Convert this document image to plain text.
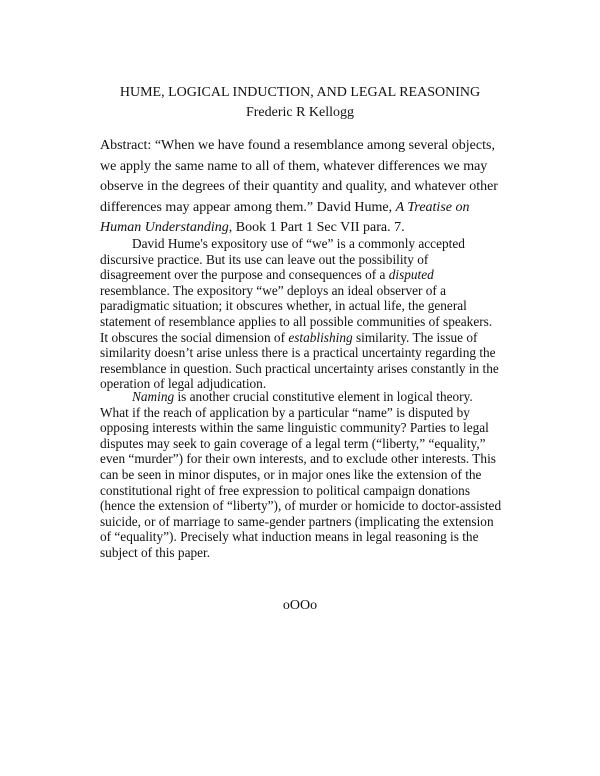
HUME, LOGICAL INDUCTION, AND LEGAL REASONING
Frederic R Kellogg

Abstract: “When we have found a resemblance among several objects, we apply the same name to all of them, whatever differences we may observe in the degrees of their quantity and quality, and whatever other differences may appear among them.” David Hume, A Treatise on Human Understanding, Book 1 Part 1 Sec VII para. 7.

David Hume's expository use of “we” is a commonly accepted discursive practice. But its use can leave out the possibility of disagreement over the purpose and consequences of a disputed resemblance. The expository “we” deploys an ideal observer of a paradigmatic situation; it obscures whether, in actual life, the general statement of resemblance applies to all possible communities of speakers. It obscures the social dimension of establishing similarity. The issue of similarity doesn’t arise unless there is a practical uncertainty regarding the resemblance in question. Such practical uncertainty arises constantly in the operation of legal adjudication.

Naming is another crucial constitutive element in logical theory. What if the reach of application by a particular “name” is disputed by opposing interests within the same linguistic community? Parties to legal disputes may seek to gain coverage of a legal term (“liberty,” “equality,” even “murder”) for their own interests, and to exclude other interests. This can be seen in minor disputes, or in major ones like the extension of the constitutional right of free expression to political campaign donations (hence the extension of “liberty”), of murder or homicide to doctor-assisted suicide, or of marriage to same-gender partners (implicating the extension of “equality”). Precisely what induction means in legal reasoning is the subject of this paper.

oOOo
